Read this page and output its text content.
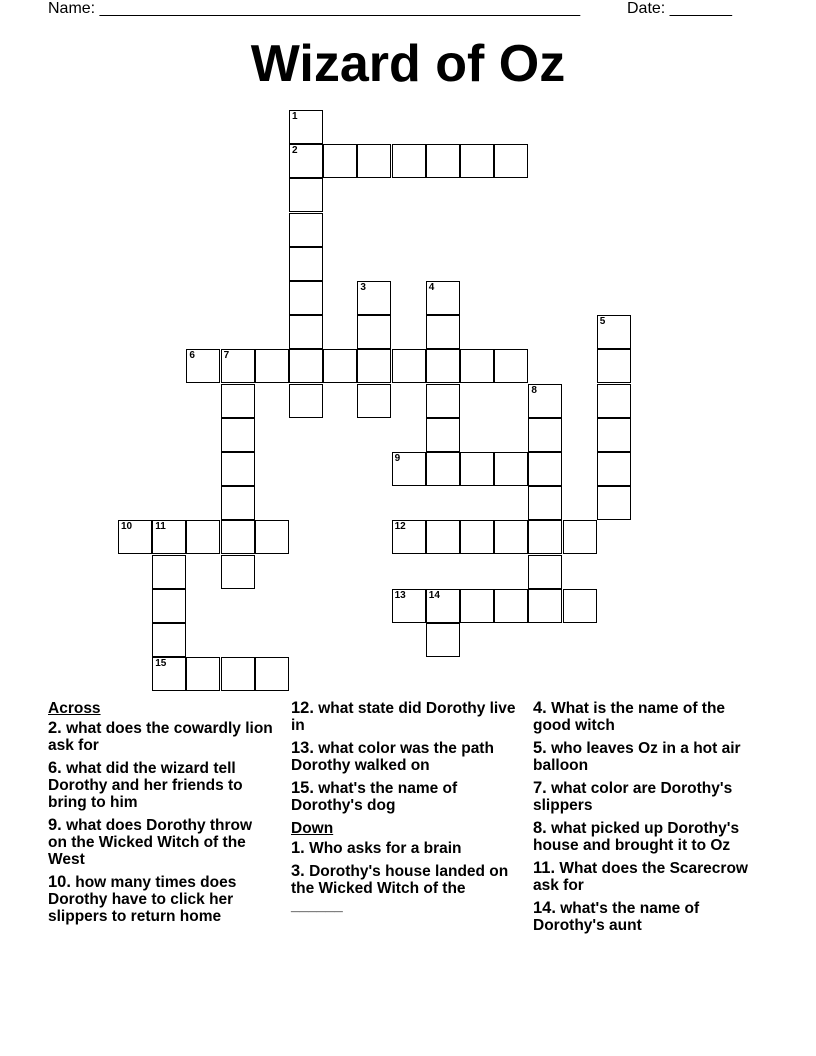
Name: ______________________________________________________	Date: _______
Wizard of Oz
1
2
3	4
5
6	7
8
9
10 11	12
13 14
15
Across
2. what does the cowardly lion ask for
6. what did the wizard tell Dorothy and her friends to bring to him
9. what does Dorothy throw on the Wicked Witch of the West
10. how many times does Dorothy have to click her slippers to return home
12. what state did Dorothy live in
13. what color was the path Dorothy walked on
15. what's the name of Dorothy's dog
Down
1. Who asks for a brain
3. Dorothy's house landed on the Wicked Witch of the ______
4. What is the name of the good witch
5. who leaves Oz in a hot air balloon
7. what color are Dorothy's slippers
8. what picked up Dorothy's house and brought it to Oz
11. What does the Scarecrow ask for
14. what's the name of Dorothy's aunt
